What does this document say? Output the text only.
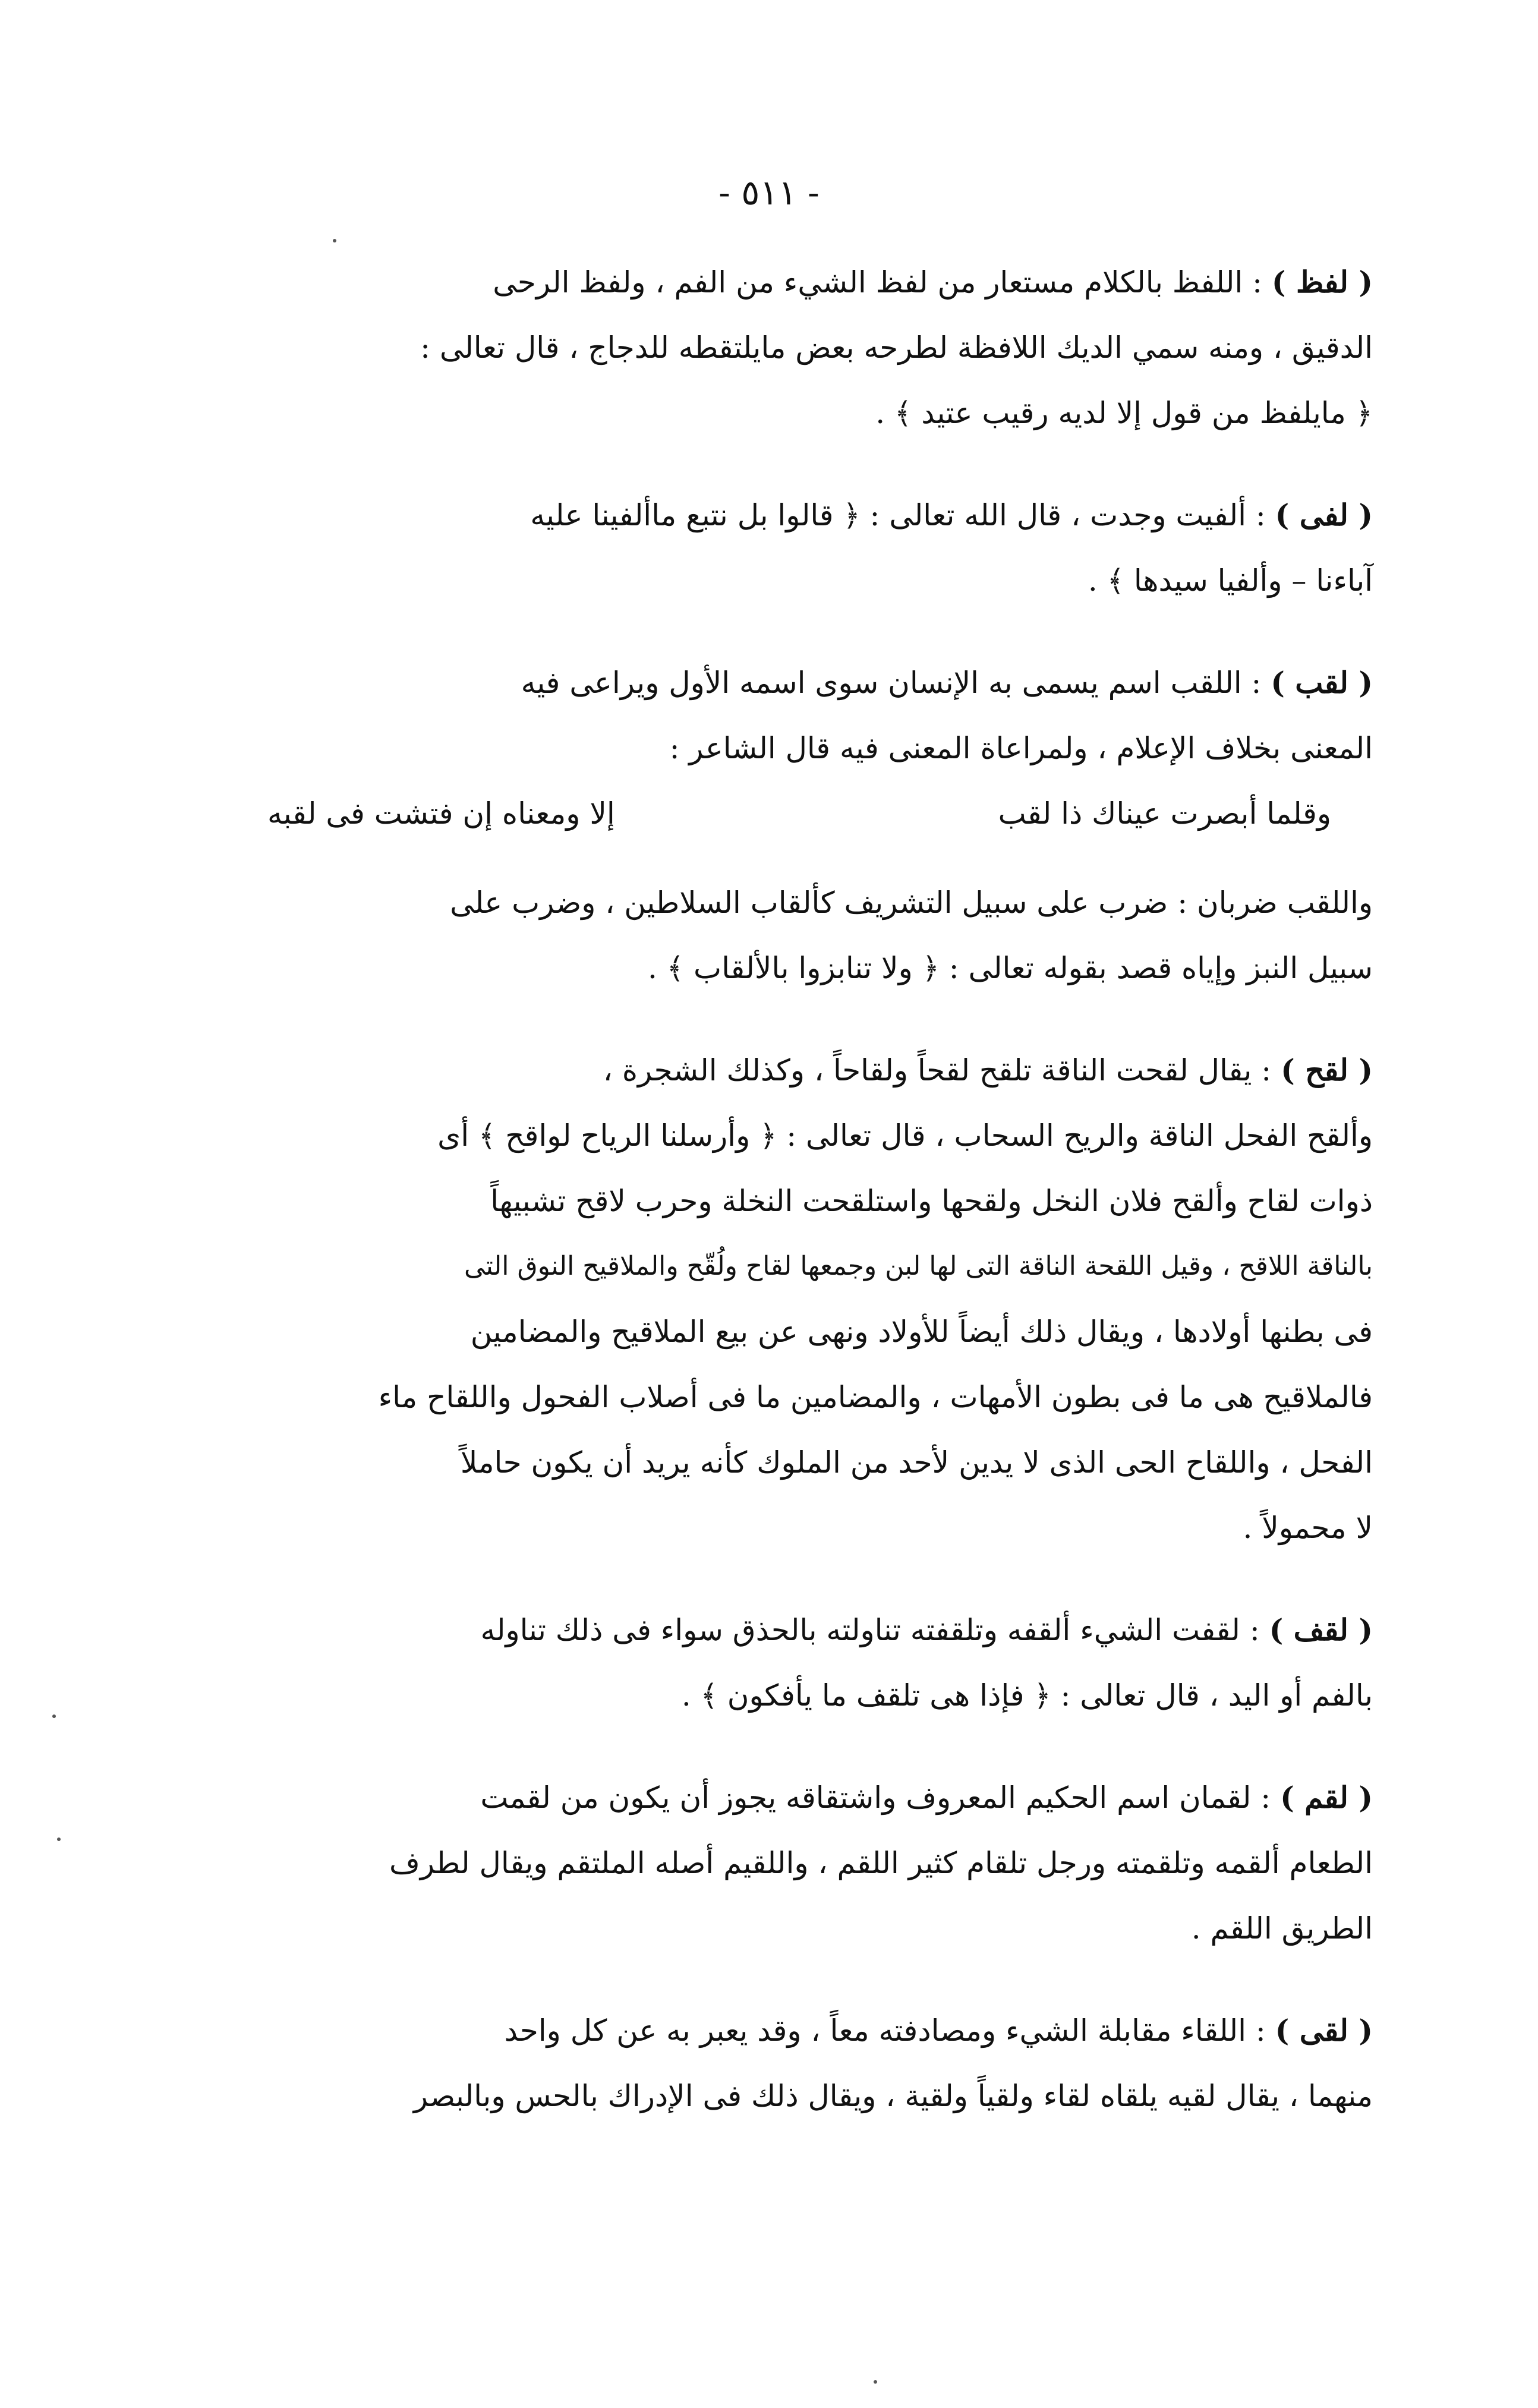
- ٥١١ -

( لفظ ) : اللفظ بالكلام مستعار من لفظ الشيء من الفم ، ولفظ الرحى

الدقيق ، ومنه سمي الديك اللافظة لطرحه بعض مايلتقطه للدجاج ، قال تعالى :

﴿ مايلفظ من قول إلا لديه رقيب عتيد ﴾ .

( لفى ) : ألفيت وجدت ، قال الله تعالى : ﴿ قالوا بل نتبع ماألفينا عليه

آباءنا – وألفيا سيدها ﴾ .

( لقب ) : اللقب اسم يسمى به الإنسان سوى اسمه الأول ويراعى فيه

المعنى بخلاف الإعلام ، ولمراعاة المعنى فيه قال الشاعر :

وقلما أبصرت عيناك ذا لقب
إلا ومعناه إن فتشت فى لقبه

واللقب ضربان : ضرب على سبيل التشريف كألقاب السلاطين ، وضرب على

سبيل النبز وإياه قصد بقوله تعالى : ﴿ ولا تنابزوا بالألقاب ﴾ .

( لقح ) : يقال لقحت الناقة تلقح لقحاً ولقاحاً ، وكذلك الشجرة ،

وألقح الفحل الناقة والريح السحاب ، قال تعالى : ﴿ وأرسلنا الرياح لواقح ﴾ أى

ذوات لقاح وألقح فلان النخل ولقحها واستلقحت النخلة وحرب لاقح تشبيهاً

بالناقة اللاقح ، وقيل اللقحة الناقة التى لها لبن وجمعها لقاح ولُقّح والملاقيح النوق التى

فى بطنها أولادها ، ويقال ذلك أيضاً للأولاد ونهى عن بيع الملاقيح والمضامين

فالملاقيح هى ما فى بطون الأمهات ، والمضامين ما فى أصلاب الفحول واللقاح ماء

الفحل ، واللقاح الحى الذى لا يدين لأحد من الملوك كأنه يريد أن يكون حاملاً

لا محمولاً .

( لقف ) : لقفت الشيء ألقفه وتلقفته تناولته بالحذق سواء فى ذلك تناوله

بالفم أو اليد ، قال تعالى : ﴿ فإذا هى تلقف ما يأفكون ﴾ .

( لقم ) : لقمان اسم الحكيم المعروف واشتقاقه يجوز أن يكون من لقمت

الطعام ألقمه وتلقمته ورجل تلقام كثير اللقم ، واللقيم أصله الملتقم ويقال لطرف

الطريق اللقم .

( لقى ) : اللقاء مقابلة الشيء ومصادفته معاً ، وقد يعبر به عن كل واحد

منهما ، يقال لقيه يلقاه لقاء ولقياً ولقية ، ويقال ذلك فى الإدراك بالحس وبالبصر
